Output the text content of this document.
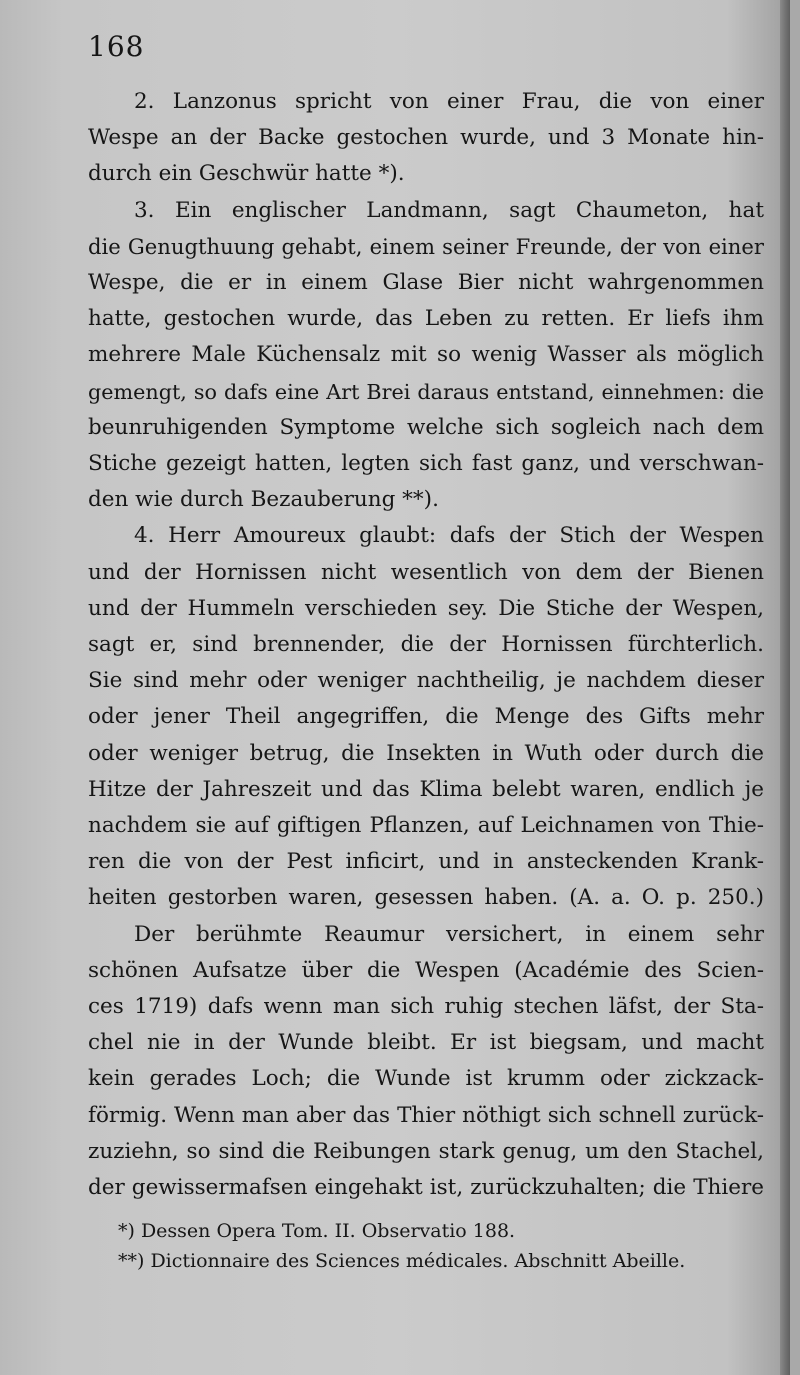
168
2. Lanzonus spricht von einer Frau, die von einer
Wespe an der Backe gestochen wurde, und 3 Monate hin-
durch ein Geschwür hatte *).
3. Ein englischer Landmann, sagt Chaumeton, hat
die Genugthuung gehabt, einem seiner Freunde, der von einer
Wespe, die er in einem Glase Bier nicht wahrgenommen
hatte, gestochen wurde, das Leben zu retten. Er liefs ihm
mehrere Male Küchensalz mit so wenig Wasser als möglich
gemengt, so dafs eine Art Brei daraus entstand, einnehmen: die
beunruhigenden Symptome welche sich sogleich nach dem
Stiche gezeigt hatten, legten sich fast ganz, und verschwan-
den wie durch Bezauberung **).
4. Herr Amoureux glaubt: dafs der Stich der Wespen
und der Hornissen nicht wesentlich von dem der Bienen
und der Hummeln verschieden sey. Die Stiche der Wespen,
sagt er, sind brennender, die der Hornissen fürchterlich.
Sie sind mehr oder weniger nachtheilig, je nachdem dieser
oder jener Theil angegriffen, die Menge des Gifts mehr
oder weniger betrug, die Insekten in Wuth oder durch die
Hitze der Jahreszeit und das Klima belebt waren, endlich je
nachdem sie auf giftigen Pflanzen, auf Leichnamen von Thie-
ren die von der Pest inficirt, und in ansteckenden Krank-
heiten gestorben waren, gesessen haben. (A. a. O. p. 250.)
Der berühmte Reaumur versichert, in einem sehr
schönen Aufsatze über die Wespen (Académie des Scien-
ces 1719) dafs wenn man sich ruhig stechen läfst, der Sta-
chel nie in der Wunde bleibt. Er ist biegsam, und macht
kein gerades Loch; die Wunde ist krumm oder zickzack-
förmig. Wenn man aber das Thier nöthigt sich schnell zurück-
zuziehn, so sind die Reibungen stark genug, um den Stachel,
der gewissermafsen eingehakt ist, zurückzuhalten; die Thiere
*) Dessen Opera Tom. II. Observatio 188.
**) Dictionnaire des Sciences médicales. Abschnitt Abeille.
